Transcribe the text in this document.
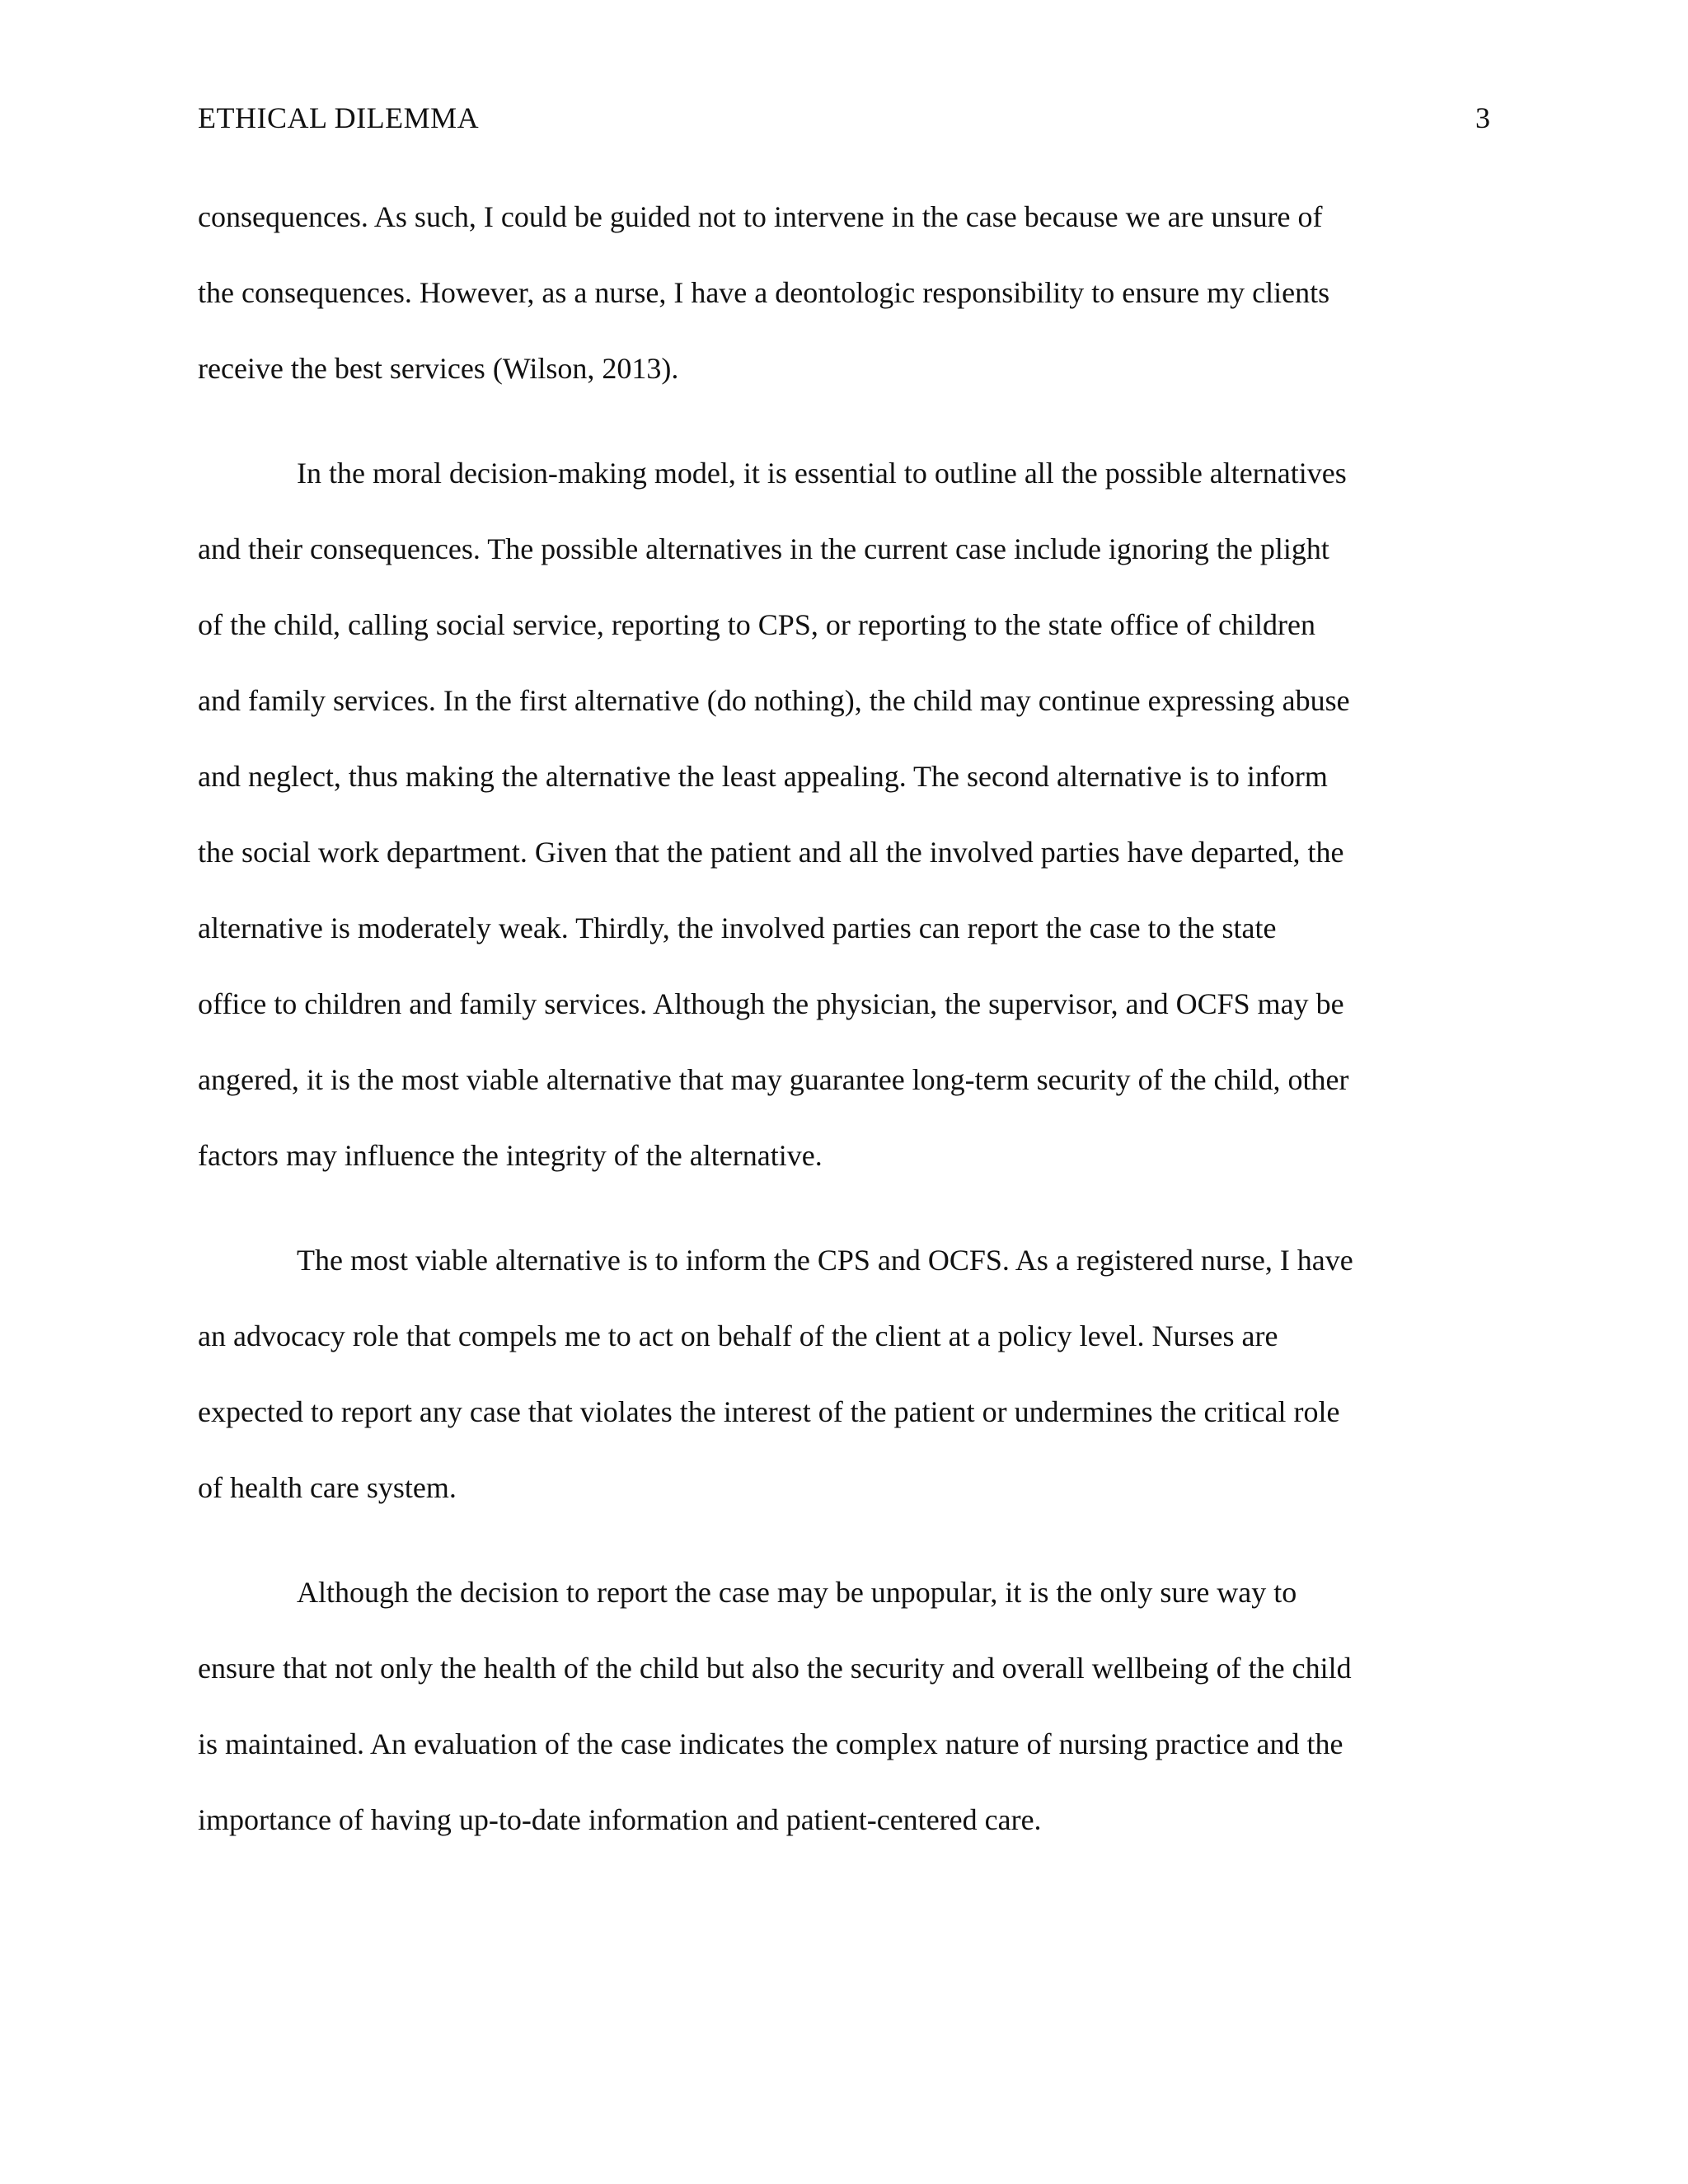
ETHICAL DILEMMA	3
consequences. As such, I could be guided not to intervene in the case because we are unsure of
the consequences. However, as a nurse, I have a deontologic responsibility to ensure my clients
receive the best services (Wilson, 2013).
In the moral decision-making model, it is essential to outline all the possible alternatives
and their consequences. The possible alternatives in the current case include ignoring the plight
of the child, calling social service, reporting to CPS, or reporting to the state office of children
and family services. In the first alternative (do nothing), the child may continue expressing abuse
and neglect, thus making the alternative the least appealing. The second alternative is to inform
the social work department. Given that the patient and all the involved parties have departed, the
alternative is moderately weak. Thirdly, the involved parties can report the case to the state
office to children and family services. Although the physician, the supervisor, and OCFS may be
angered, it is the most viable alternative that may guarantee long-term security of the child, other
factors may influence the integrity of the alternative.
The most viable alternative is to inform the CPS and OCFS. As a registered nurse, I have
an advocacy role that compels me to act on behalf of the client at a policy level. Nurses are
expected to report any case that violates the interest of the patient or undermines the critical role
of health care system.
Although the decision to report the case may be unpopular, it is the only sure way to
ensure that not only the health of the child but also the security and overall wellbeing of the child
is maintained. An evaluation of the case indicates the complex nature of nursing practice and the
importance of having up-to-date information and patient-centered care.
